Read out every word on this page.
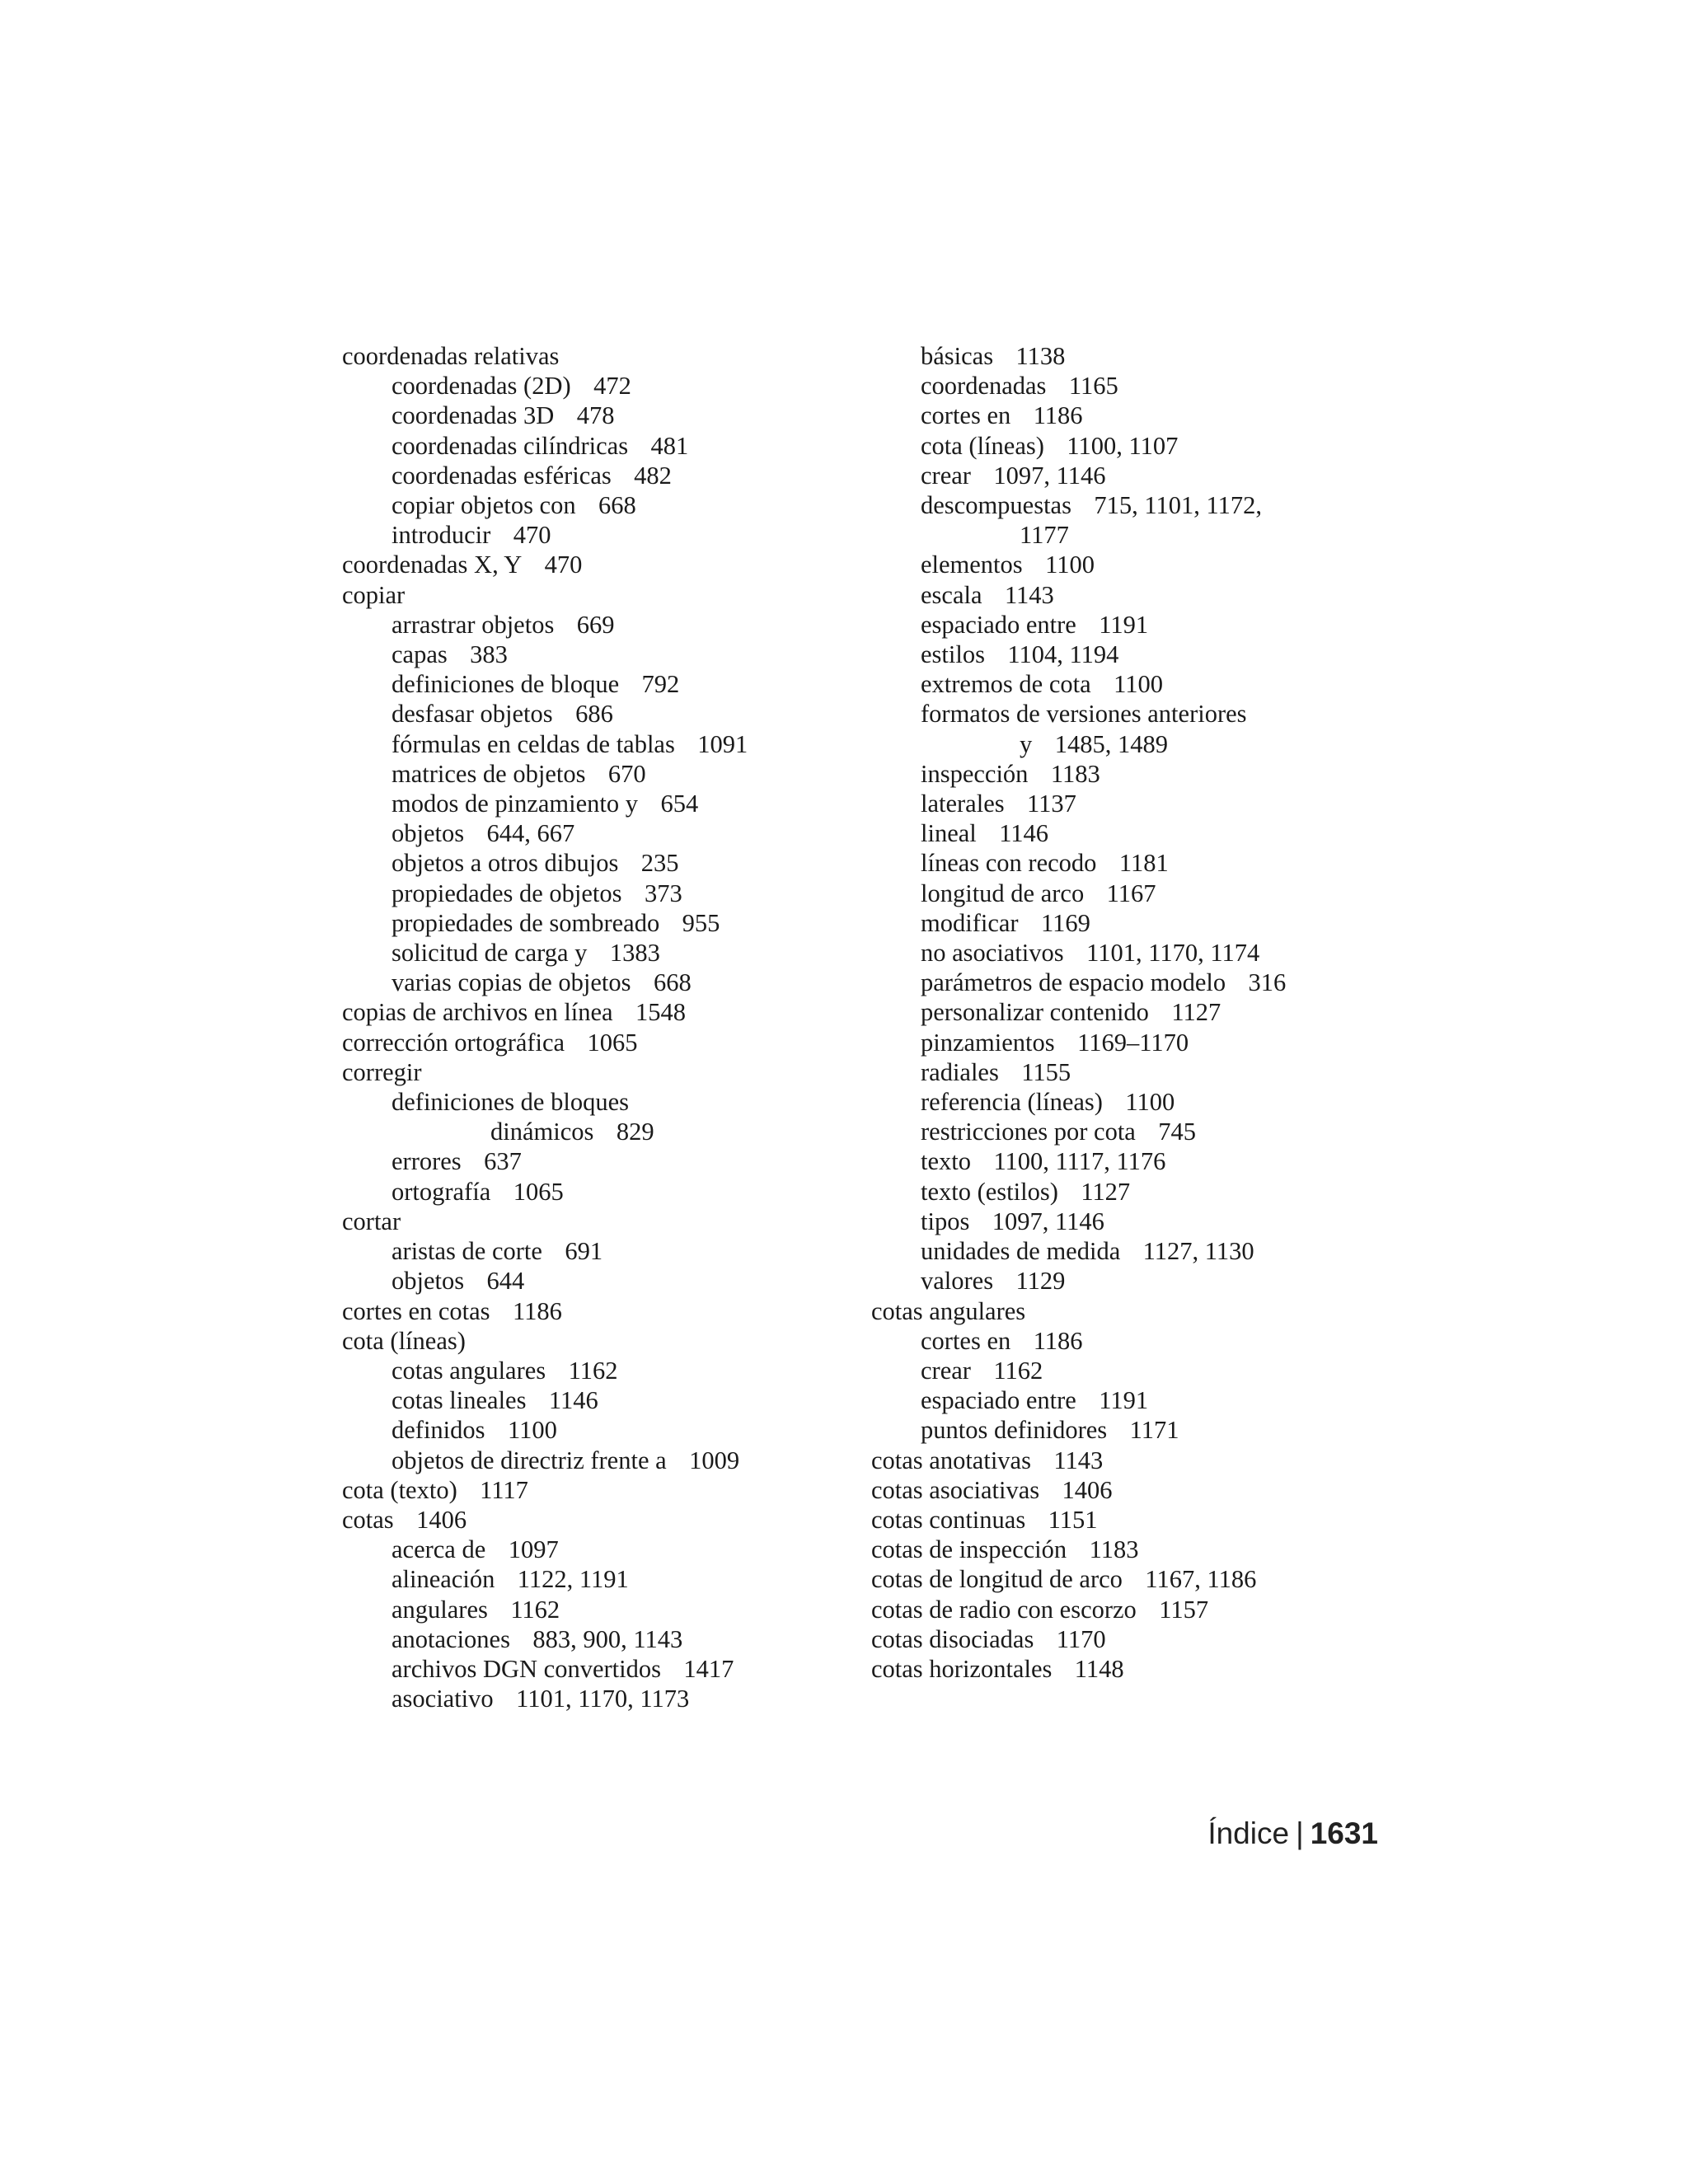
coordenadas relativas
coordenadas (2D) 472
coordenadas 3D 478
coordenadas cilíndricas 481
coordenadas esféricas 482
copiar objetos con 668
introducir 470
coordenadas X, Y 470
copiar
arrastrar objetos 669
capas 383
definiciones de bloque 792
desfasar objetos 686
fórmulas en celdas de tablas 1091
matrices de objetos 670
modos de pinzamiento y 654
objetos 644, 667
objetos a otros dibujos 235
propiedades de objetos 373
propiedades de sombreado 955
solicitud de carga y 1383
varias copias de objetos 668
copias de archivos en línea 1548
corrección ortográfica 1065
corregir
definiciones de bloques
dinámicos 829
errores 637
ortografía 1065
cortar
aristas de corte 691
objetos 644
cortes en cotas 1186
cota (líneas)
cotas angulares 1162
cotas lineales 1146
definidos 1100
objetos de directriz frente a 1009
cota (texto) 1117
cotas 1406
acerca de 1097
alineación 1122, 1191
angulares 1162
anotaciones 883, 900, 1143
archivos DGN convertidos 1417
asociativo 1101, 1170, 1173
básicas 1138
coordenadas 1165
cortes en 1186
cota (líneas) 1100, 1107
crear 1097, 1146
descompuestas 715, 1101, 1172,
1177
elementos 1100
escala 1143
espaciado entre 1191
estilos 1104, 1194
extremos de cota 1100
formatos de versiones anteriores
y 1485, 1489
inspección 1183
laterales 1137
lineal 1146
líneas con recodo 1181
longitud de arco 1167
modificar 1169
no asociativos 1101, 1170, 1174
parámetros de espacio modelo 316
personalizar contenido 1127
pinzamientos 1169–1170
radiales 1155
referencia (líneas) 1100
restricciones por cota 745
texto 1100, 1117, 1176
texto (estilos) 1127
tipos 1097, 1146
unidades de medida 1127, 1130
valores 1129
cotas angulares
cortes en 1186
crear 1162
espaciado entre 1191
puntos definidores 1171
cotas anotativas 1143
cotas asociativas 1406
cotas continuas 1151
cotas de inspección 1183
cotas de longitud de arco 1167, 1186
cotas de radio con escorzo 1157
cotas disociadas 1170
cotas horizontales 1148
Índice | 1631
